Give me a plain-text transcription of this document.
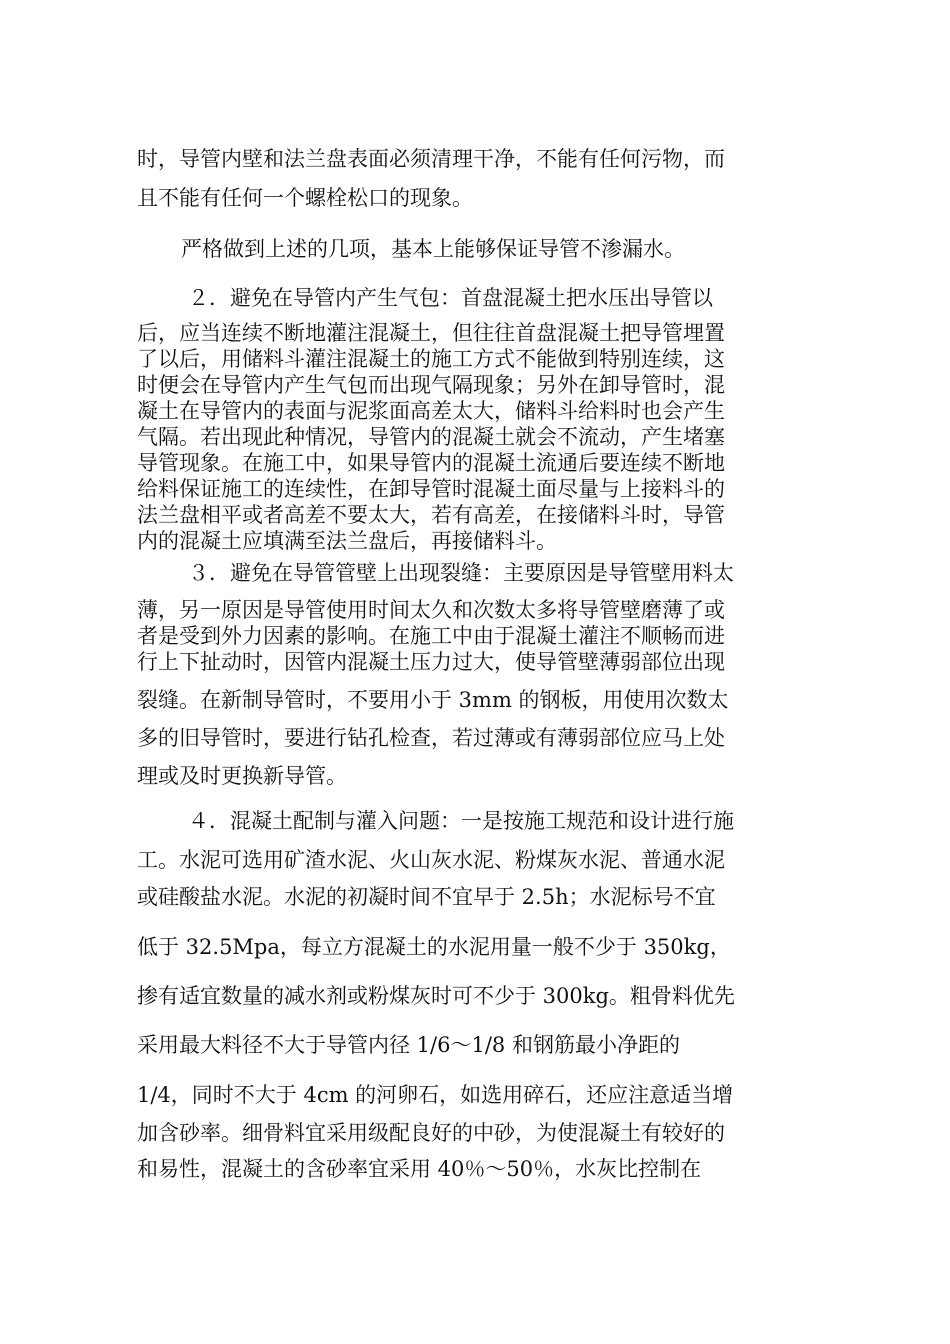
时，导管内壁和法兰盘表面必须清理干净，不能有任何污物，而
且不能有任何一个螺栓松口的现象。
严格做到上述的几项，基本上能够保证导管不渗漏水。
２．避免在导管内产生气包：首盘混凝土把水压出导管以
后，应当连续不断地灌注混凝土，但往往首盘混凝土把导管埋置
了以后，用储料斗灌注混凝土的施工方式不能做到特别连续，这
时便会在导管内产生气包而出现气隔现象；另外在卸导管时，混
凝土在导管内的表面与泥浆面高差太大，储料斗给料时也会产生
气隔。若出现此种情况，导管内的混凝土就会不流动，产生堵塞
导管现象。在施工中，如果导管内的混凝土流通后要连续不断地
给料保证施工的连续性，在卸导管时混凝土面尽量与上接料斗的
法兰盘相平或者高差不要太大，若有高差，在接储料斗时，导管
内的混凝土应填满至法兰盘后，再接储料斗。
３．避免在导管管壁上出现裂缝：主要原因是导管壁用料太
薄，另一原因是导管使用时间太久和次数太多将导管壁磨薄了或
者是受到外力因素的影响。在施工中由于混凝土灌注不顺畅而进
行上下扯动时，因管内混凝土压力过大，使导管壁薄弱部位出现
裂缝。在新制导管时，不要用小于 3mm 的钢板，用使用次数太
多的旧导管时，要进行钻孔检查，若过薄或有薄弱部位应马上处
理或及时更换新导管。
４．混凝土配制与灌入问题：一是按施工规范和设计进行施
工。水泥可选用矿渣水泥、火山灰水泥、粉煤灰水泥、普通水泥
或硅酸盐水泥。水泥的初凝时间不宜早于 2.5h；水泥标号不宜
低于 32.5Mpa，每立方混凝土的水泥用量一般不少于 350kg，
掺有适宜数量的减水剂或粉煤灰时可不少于 300kg。粗骨料优先
采用最大料径不大于导管内径 1/6～1/8 和钢筋最小净距的
1/4，同时不大于 4cm 的河卵石，如选用碎石，还应注意适当增
加含砂率。细骨料宜采用级配良好的中砂，为使混凝土有较好的
和易性，混凝土的含砂率宜采用 40％～50％，水灰比控制在
